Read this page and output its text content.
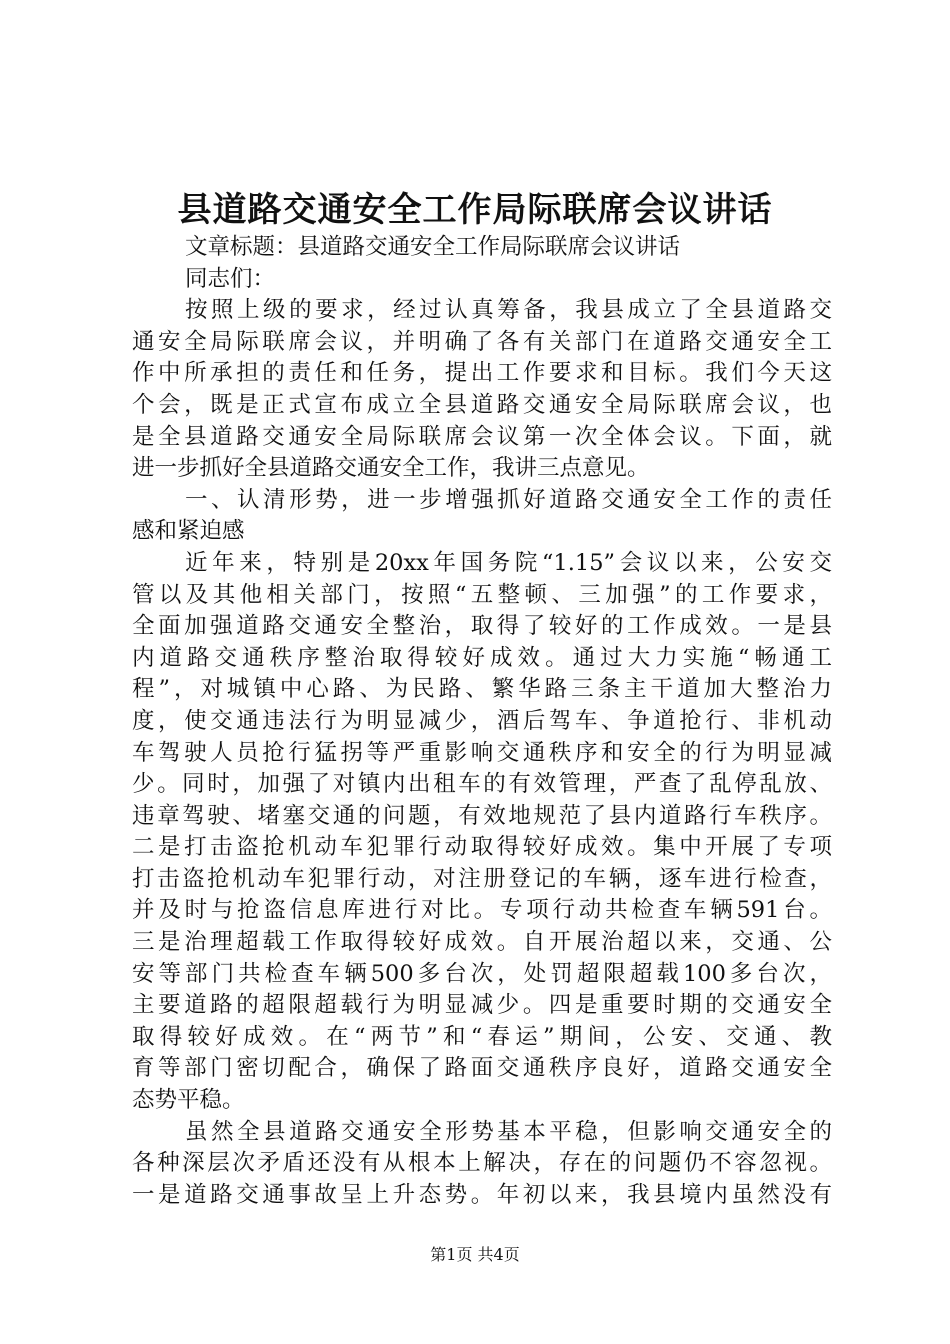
县道路交通安全工作局际联席会议讲话
文章标题：县道路交通安全工作局际联席会议讲话
同志们：
按照上级的要求，经过认真筹备，我县成立了全县道路交
通安全局际联席会议，并明确了各有关部门在道路交通安全工
作中所承担的责任和任务，提出工作要求和目标。我们今天这
个会，既是正式宣布成立全县道路交通安全局际联席会议，也
是全县道路交通安全局际联席会议第一次全体会议。下面，就
进一步抓好全县道路交通安全工作，我讲三点意见。
一、认清形势，进一步增强抓好道路交通安全工作的责任
感和紧迫感
近年来，特别是20xx年国务院“1.15”会议以来，公安交
管以及其他相关部门，按照“五整顿、三加强”的工作要求，
全面加强道路交通安全整治，取得了较好的工作成效。一是县
内道路交通秩序整治取得较好成效。通过大力实施“畅通工
程”，对城镇中心路、为民路、繁华路三条主干道加大整治力
度，使交通违法行为明显减少，酒后驾车、争道抢行、非机动
车驾驶人员抢行猛拐等严重影响交通秩序和安全的行为明显减
少。同时，加强了对镇内出租车的有效管理，严查了乱停乱放、
违章驾驶、堵塞交通的问题，有效地规范了县内道路行车秩序。
二是打击盗抢机动车犯罪行动取得较好成效。集中开展了专项
打击盗抢机动车犯罪行动，对注册登记的车辆，逐车进行检查，
并及时与抢盗信息库进行对比。专项行动共检查车辆591台。
三是治理超载工作取得较好成效。自开展治超以来，交通、公
安等部门共检查车辆500多台次，处罚超限超载100多台次，
主要道路的超限超载行为明显减少。四是重要时期的交通安全
取得较好成效。在“两节”和“春运”期间，公安、交通、教
育等部门密切配合，确保了路面交通秩序良好，道路交通安全
态势平稳。
虽然全县道路交通安全形势基本平稳，但影响交通安全的
各种深层次矛盾还没有从根本上解决，存在的问题仍不容忽视。
一是道路交通事故呈上升态势。年初以来，我县境内虽然没有
第1页 共4页
